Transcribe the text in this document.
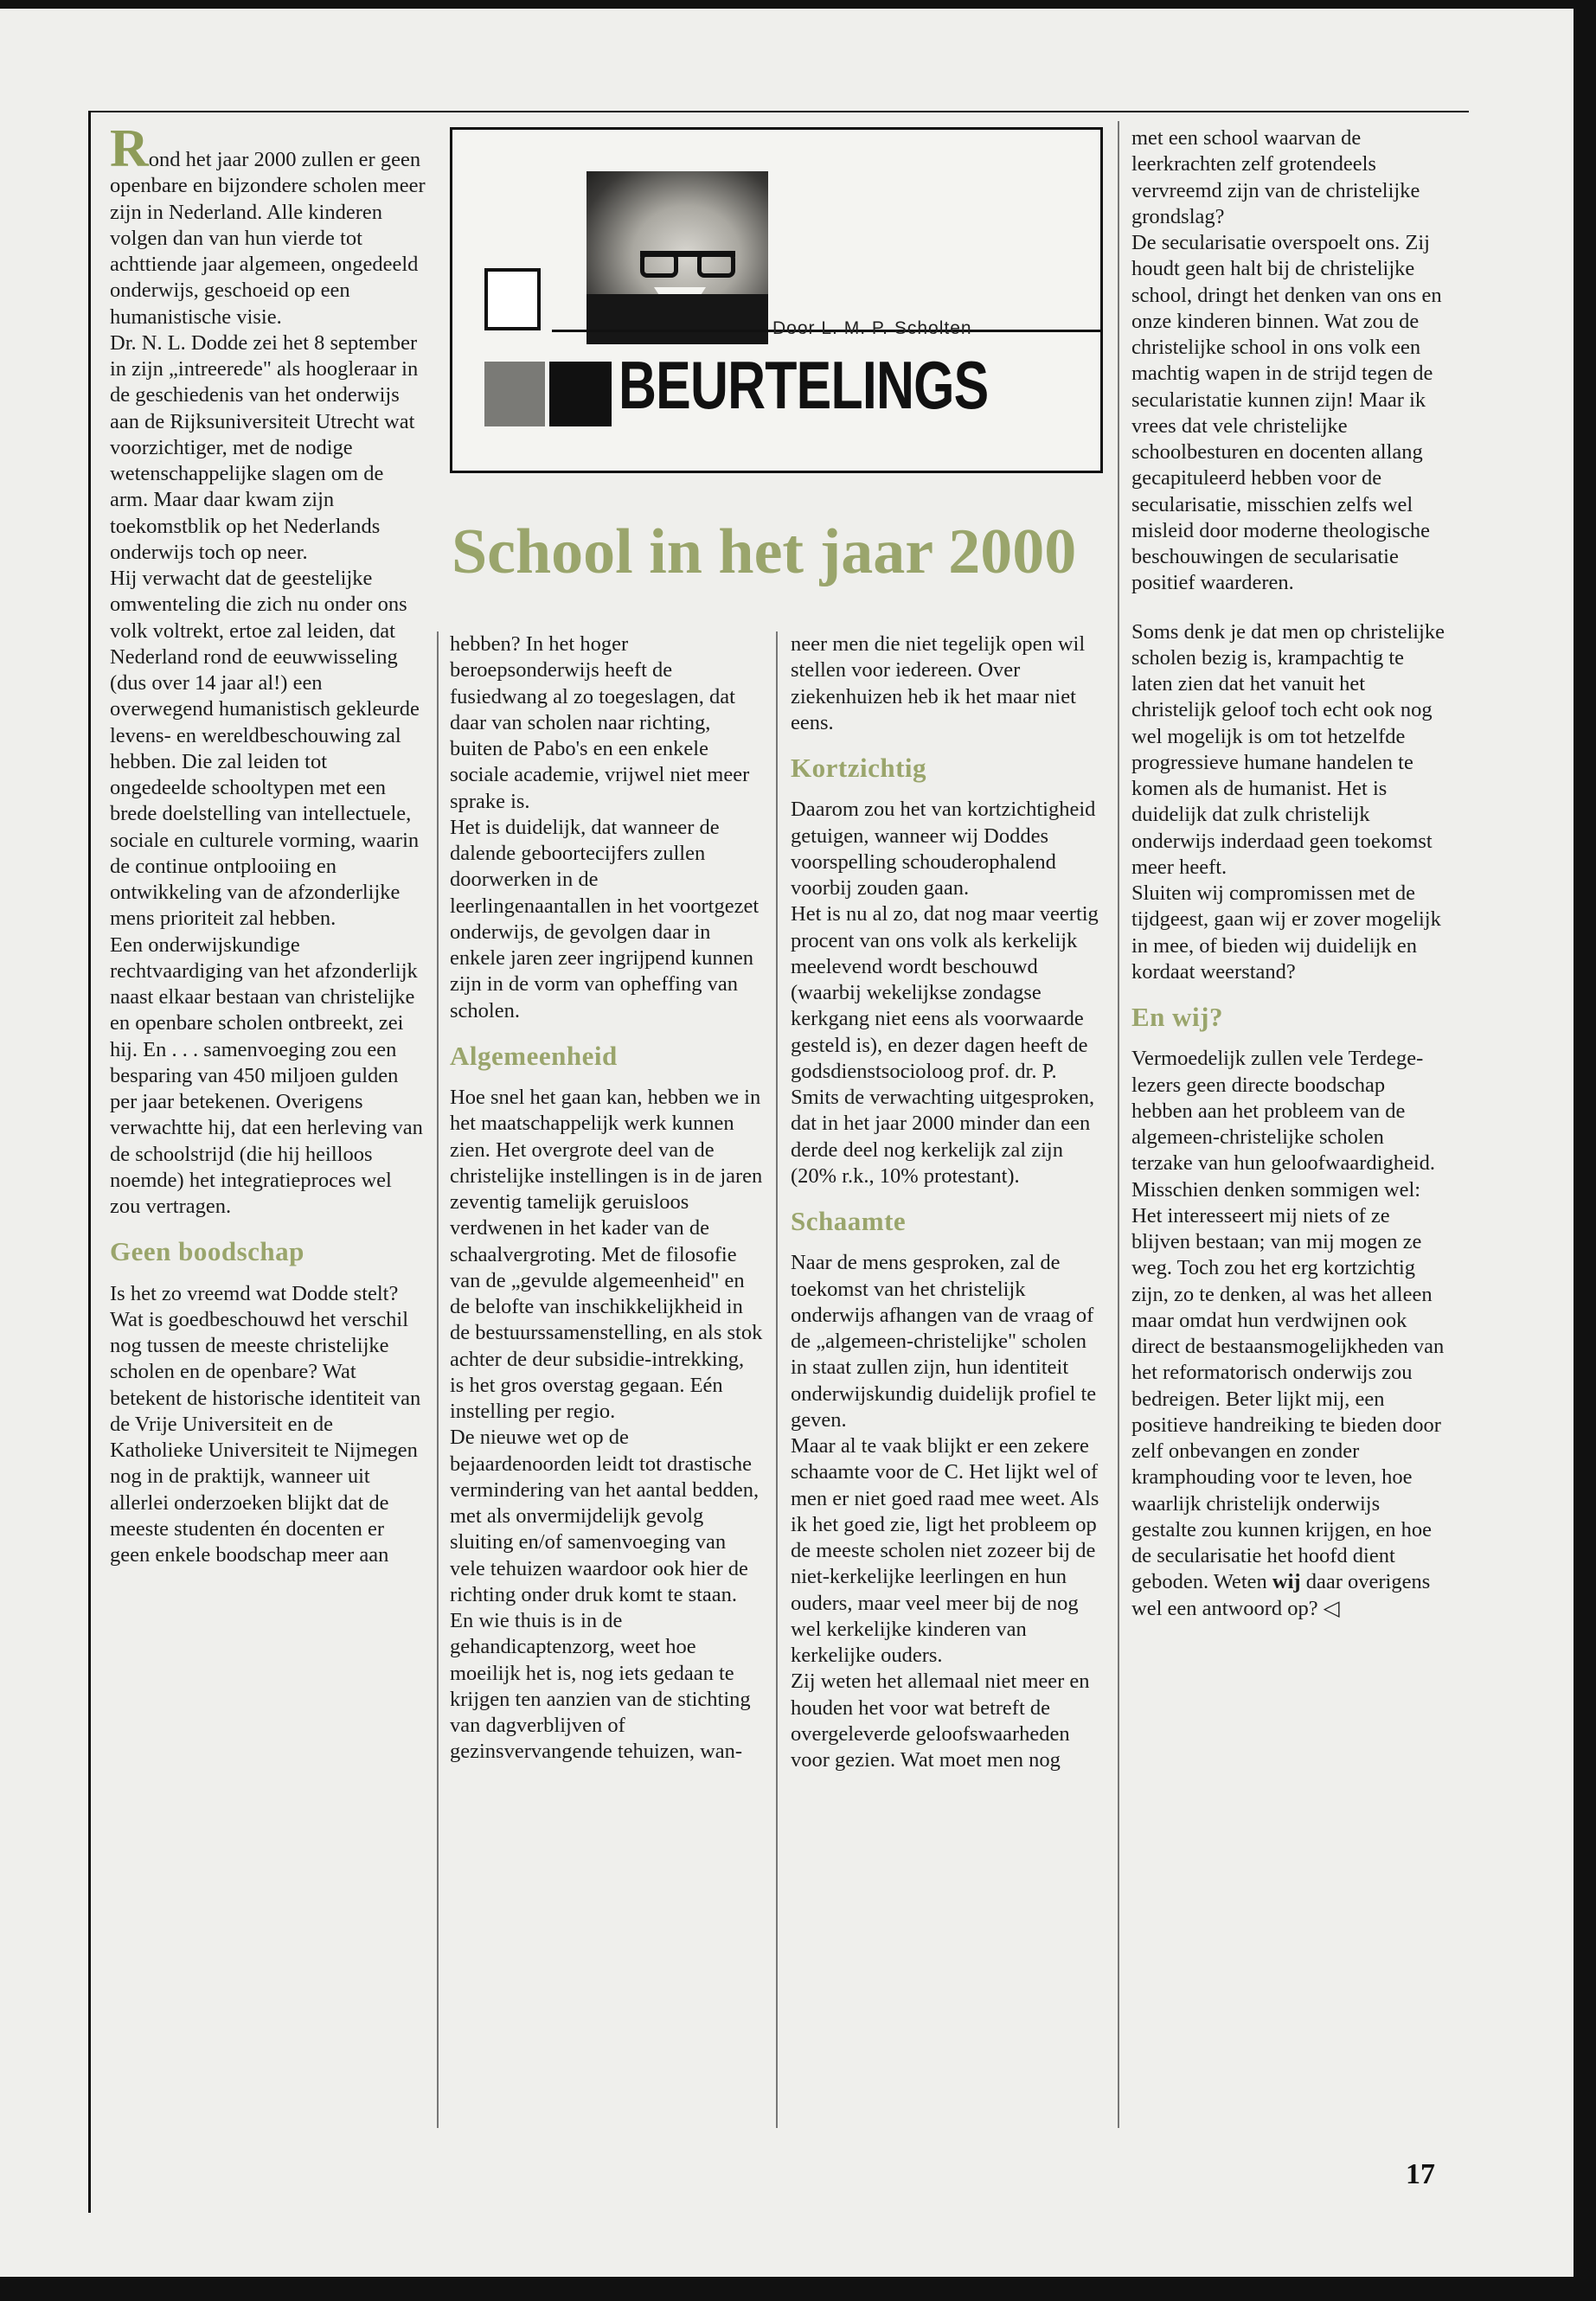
Door L. M. P. Scholten
BEURTELINGS
School in het jaar 2000

Rond het jaar 2000 zullen er geen openbare en bijzondere scholen meer zijn in Nederland. Alle kinderen volgen dan van hun vierde tot achttiende jaar algemeen, ongedeeld onderwijs, geschoeid op een humanistische visie.

Dr. N. L. Dodde zei het 8 september in zijn „intreerede" als hoogleraar in de geschiedenis van het onderwijs aan de Rijksuniversiteit Utrecht wat voorzichtiger, met de nodige wetenschappelijke slagen om de arm. Maar daar kwam zijn toekomstblik op het Nederlands onderwijs toch op neer.

Hij verwacht dat de geestelijke omwenteling die zich nu onder ons volk voltrekt, ertoe zal leiden, dat Nederland rond de eeuwwisseling (dus over 14 jaar al!) een overwegend humanistisch gekleurde levens- en wereldbeschouwing zal hebben. Die zal leiden tot ongedeelde schooltypen met een brede doelstelling van intellectuele, sociale en culturele vorming, waarin de continue ontplooiing en ontwikkeling van de afzonderlijke mens prioriteit zal hebben.

Een onderwijskundige rechtvaardiging van het afzonderlijk naast elkaar bestaan van christelijke en openbare scholen ontbreekt, zei hij. En . . . samenvoeging zou een besparing van 450 miljoen gulden per jaar betekenen. Overigens verwachtte hij, dat een herleving van de schoolstrijd (die hij heilloos noemde) het integratieproces wel zou vertragen.

Geen boodschap

Is het zo vreemd wat Dodde stelt? Wat is goedbeschouwd het verschil nog tussen de meeste christelijke scholen en de openbare? Wat betekent de historische identiteit van de Vrije Universiteit en de Katholieke Universiteit te Nijmegen nog in de praktijk, wanneer uit allerlei onderzoeken blijkt dat de meeste studenten én docenten er geen enkele boodschap meer aan

hebben? In het hoger beroepsonderwijs heeft de fusiedwang al zo toegeslagen, dat daar van scholen naar richting, buiten de Pabo's en een enkele sociale academie, vrijwel niet meer sprake is.

Het is duidelijk, dat wanneer de dalende geboortecijfers zullen doorwerken in de leerlingenaantallen in het voortgezet onderwijs, de gevolgen daar in enkele jaren zeer ingrijpend kunnen zijn in de vorm van opheffing van scholen.

Algemeenheid

Hoe snel het gaan kan, hebben we in het maatschappelijk werk kunnen zien. Het overgrote deel van de christelijke instellingen is in de jaren zeventig tamelijk geruisloos verdwenen in het kader van de schaalvergroting. Met de filosofie van de „gevulde algemeenheid" en de belofte van inschikkelijkheid in de bestuurssamenstelling, en als stok achter de deur subsidie-intrekking, is het gros overstag gegaan. Eén instelling per regio.

De nieuwe wet op de bejaardenoorden leidt tot drastische vermindering van het aantal bedden, met als onvermijdelijk gevolg sluiting en/of samenvoeging van vele tehuizen waardoor ook hier de richting onder druk komt te staan. En wie thuis is in de gehandicaptenzorg, weet hoe moeilijk het is, nog iets gedaan te krijgen ten aanzien van de stichting van dagverblijven of gezinsvervangende tehuizen, wan-

neer men die niet tegelijk open wil stellen voor iedereen. Over ziekenhuizen heb ik het maar niet eens.

Kortzichtig

Daarom zou het van kortzichtigheid getuigen, wanneer wij Doddes voorspelling schouderophalend voorbij zouden gaan.

Het is nu al zo, dat nog maar veertig procent van ons volk als kerkelijk meelevend wordt beschouwd (waarbij wekelijkse zondagse kerkgang niet eens als voorwaarde gesteld is), en dezer dagen heeft de godsdienstsocioloog prof. dr. P. Smits de verwachting uitgesproken, dat in het jaar 2000 minder dan een derde deel nog kerkelijk zal zijn (20% r.k., 10% protestant).

Schaamte

Naar de mens gesproken, zal de toekomst van het christelijk onderwijs afhangen van de vraag of de „algemeen-christelijke" scholen in staat zullen zijn, hun identiteit onderwijskundig duidelijk profiel te geven.

Maar al te vaak blijkt er een zekere schaamte voor de C. Het lijkt wel of men er niet goed raad mee weet. Als ik het goed zie, ligt het probleem op de meeste scholen niet zozeer bij de niet-kerkelijke leerlingen en hun ouders, maar veel meer bij de nog wel kerkelijke kinderen van kerkelijke ouders.

Zij weten het allemaal niet meer en houden het voor wat betreft de overgeleverde geloofswaarheden voor gezien. Wat moet men nog

met een school waarvan de leerkrachten zelf grotendeels vervreemd zijn van de christelijke grondslag?

De secularisatie overspoelt ons. Zij houdt geen halt bij de christelijke school, dringt het denken van ons en onze kinderen binnen. Wat zou de christelijke school in ons volk een machtig wapen in de strijd tegen de secularistatie kunnen zijn! Maar ik vrees dat vele christelijke schoolbesturen en docenten allang gecapituleerd hebben voor de secularisatie, misschien zelfs wel misleid door moderne theologische beschouwingen de secularisatie positief waarderen.

Soms denk je dat men op christelijke scholen bezig is, krampachtig te laten zien dat het vanuit het christelijk geloof toch echt ook nog wel mogelijk is om tot hetzelfde progressieve humane handelen te komen als de humanist. Het is duidelijk dat zulk christelijk onderwijs inderdaad geen toekomst meer heeft.

Sluiten wij compromissen met de tijdgeest, gaan wij er zover mogelijk in mee, of bieden wij duidelijk en kordaat weerstand?

En wij?

Vermoedelijk zullen vele Terdege-lezers geen directe boodschap hebben aan het probleem van de algemeen-christelijke scholen terzake van hun geloofwaardigheid. Misschien denken sommigen wel: Het interesseert mij niets of ze blijven bestaan; van mij mogen ze weg. Toch zou het erg kortzichtig zijn, zo te denken, al was het alleen maar omdat hun verdwijnen ook direct de bestaansmogelijkheden van het reformatorisch onderwijs zou bedreigen. Beter lijkt mij, een positieve handreiking te bieden door zelf onbevangen en zonder kramphouding voor te leven, hoe waarlijk christelijk onderwijs gestalte zou kunnen krijgen, en hoe de secularisatie het hoofd dient geboden. Weten wij daar overigens wel een antwoord op? ◁

17
